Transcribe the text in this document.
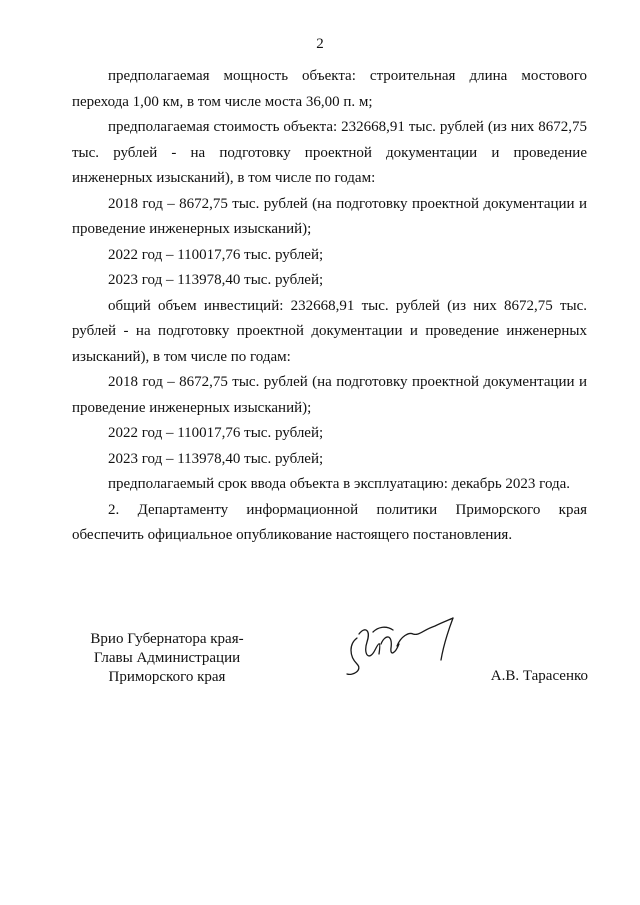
2

предполагаемая мощность объекта: строительная длина мостового перехода 1,00 км, в том числе моста 36,00 п. м;

предполагаемая стоимость объекта: 232668,91 тыс. рублей (из них 8672,75 тыс. рублей - на подготовку проектной документации и проведение инженерных изысканий), в том числе по годам:

2018 год – 8672,75 тыс. рублей (на подготовку проектной документации и проведение инженерных изысканий);

2022 год – 110017,76 тыс. рублей;

2023 год – 113978,40 тыс. рублей;

общий объем инвестиций: 232668,91 тыс. рублей (из них 8672,75 тыс. рублей - на подготовку проектной документации и проведение инженерных изысканий), в том числе по годам:

2018 год – 8672,75 тыс. рублей (на подготовку проектной документации и проведение инженерных изысканий);

2022 год – 110017,76 тыс. рублей;

2023 год – 113978,40 тыс. рублей;

предполагаемый срок ввода объекта в эксплуатацию: декабрь 2023 года.

2. Департаменту информационной политики Приморского края обеспечить официальное опубликование настоящего постановления.

Врио Губернатора края-
Главы Администрации
Приморского края	А.В. Тарасенко
